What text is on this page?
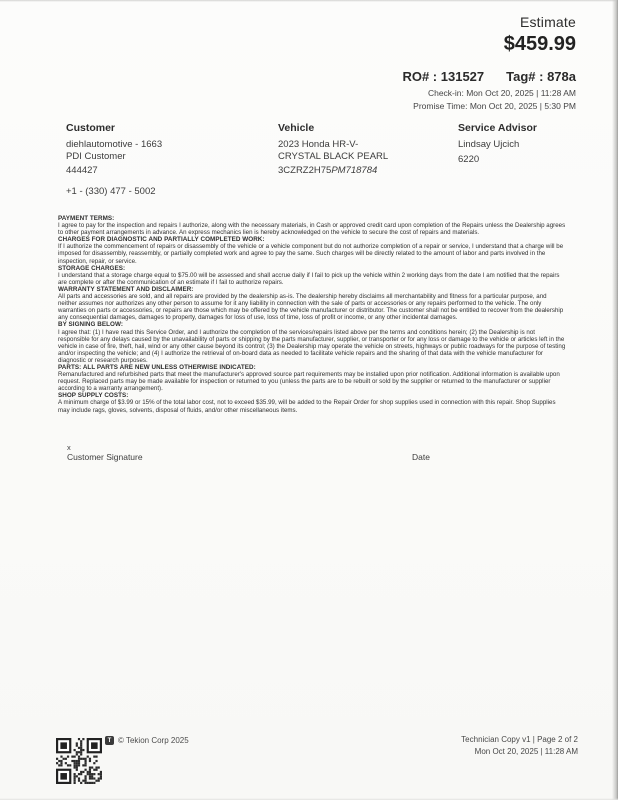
Estimate
$459.99
RO# : 131527 Tag# : 878a
Check-in: Mon Oct 20, 2025 | 11:28 AM
Promise Time: Mon Oct 20, 2025 | 5:30 PM
Customer
diehlautomotive - 1663
PDI Customer
444427
+1 - (330) 477 - 5002
Vehicle
2023 Honda HR-V-
CRYSTAL BLACK PEARL
3CZRZ2H75PM718784
Service Advisor
Lindsay Ujcich
6220
PAYMENT TERMS:

I agree to pay for the inspection and repairs I authorize, along with the necessary materials, in Cash or approved credit card upon completion of the Repairs unless the Dealership agrees to other payment arrangements in advance. An express mechanics lien is hereby acknowledged on the vehicle to secure the cost of repairs and materials.

CHARGES FOR DIAGNOSTIC AND PARTIALLY COMPLETED WORK:

If I authorize the commencement of repairs or disassembly of the vehicle or a vehicle component but do not authorize completion of a repair or service, I understand that a charge will be imposed for disassembly, reassembly, or partially completed work and agree to pay the same. Such charges will be directly related to the amount of labor and parts involved in the inspection, repair, or service.

STORAGE CHARGES:

I understand that a storage charge equal to $75.00 will be assessed and shall accrue daily if I fail to pick up the vehicle within 2 working days from the date I am notified that the repairs are complete or after the communication of an estimate if I fail to authorize repairs.

WARRANTY STATEMENT AND DISCLAIMER:

All parts and accessories are sold, and all repairs are provided by the dealership as-is. The dealership hereby disclaims all merchantability and fitness for a particular purpose, and neither assumes nor authorizes any other person to assume for it any liability in connection with the sale of parts or accessories or any repairs performed to the vehicle. The only warranties on parts or accessories, or repairs are those which may be offered by the vehicle manufacturer or distributor. The customer shall not be entitled to recover from the dealership any consequential damages, damages to property, damages for loss of use, loss of time, loss of profit or income, or any other incidental damages.

BY SIGNING BELOW:

I agree that: (1) I have read this Service Order, and I authorize the completion of the services/repairs listed above per the terms and conditions herein; (2) the Dealership is not responsible for any delays caused by the unavailability of parts or shipping by the parts manufacturer, supplier, or transporter or for any loss or damage to the vehicle or articles left in the vehicle in case of fire, theft, hail, wind or any other cause beyond its control; (3) the Dealership may operate the vehicle on streets, highways or public roadways for the purpose of testing and/or inspecting the vehicle; and (4) I authorize the retrieval of on-board data as needed to facilitate vehicle repairs and the sharing of that data with the vehicle manufacturer for diagnostic or research purposes.

PARTS: ALL PARTS ARE NEW UNLESS OTHERWISE INDICATED:

Remanufactured and refurbished parts that meet the manufacturer's approved source part requirements may be installed upon prior notification. Additional information is available upon request. Replaced parts may be made available for inspection or returned to you (unless the parts are to be rebuilt or sold by the supplier or returned to the manufacturer or supplier according to a warranty arrangement).

SHOP SUPPLY COSTS:

A minimum charge of $3.99 or 15% of the total labor cost, not to exceed $35.99, will be added to the Repair Order for shop supplies used in connection with this repair. Shop Supplies may include rags, gloves, solvents, disposal of fluids, and/or other miscellaneous items.

x
Customer Signature	Date
T © Tekion Corp 2025	Technician Copy v1 | Page 2 of 2
Mon Oct 20, 2025 | 11:28 AM
